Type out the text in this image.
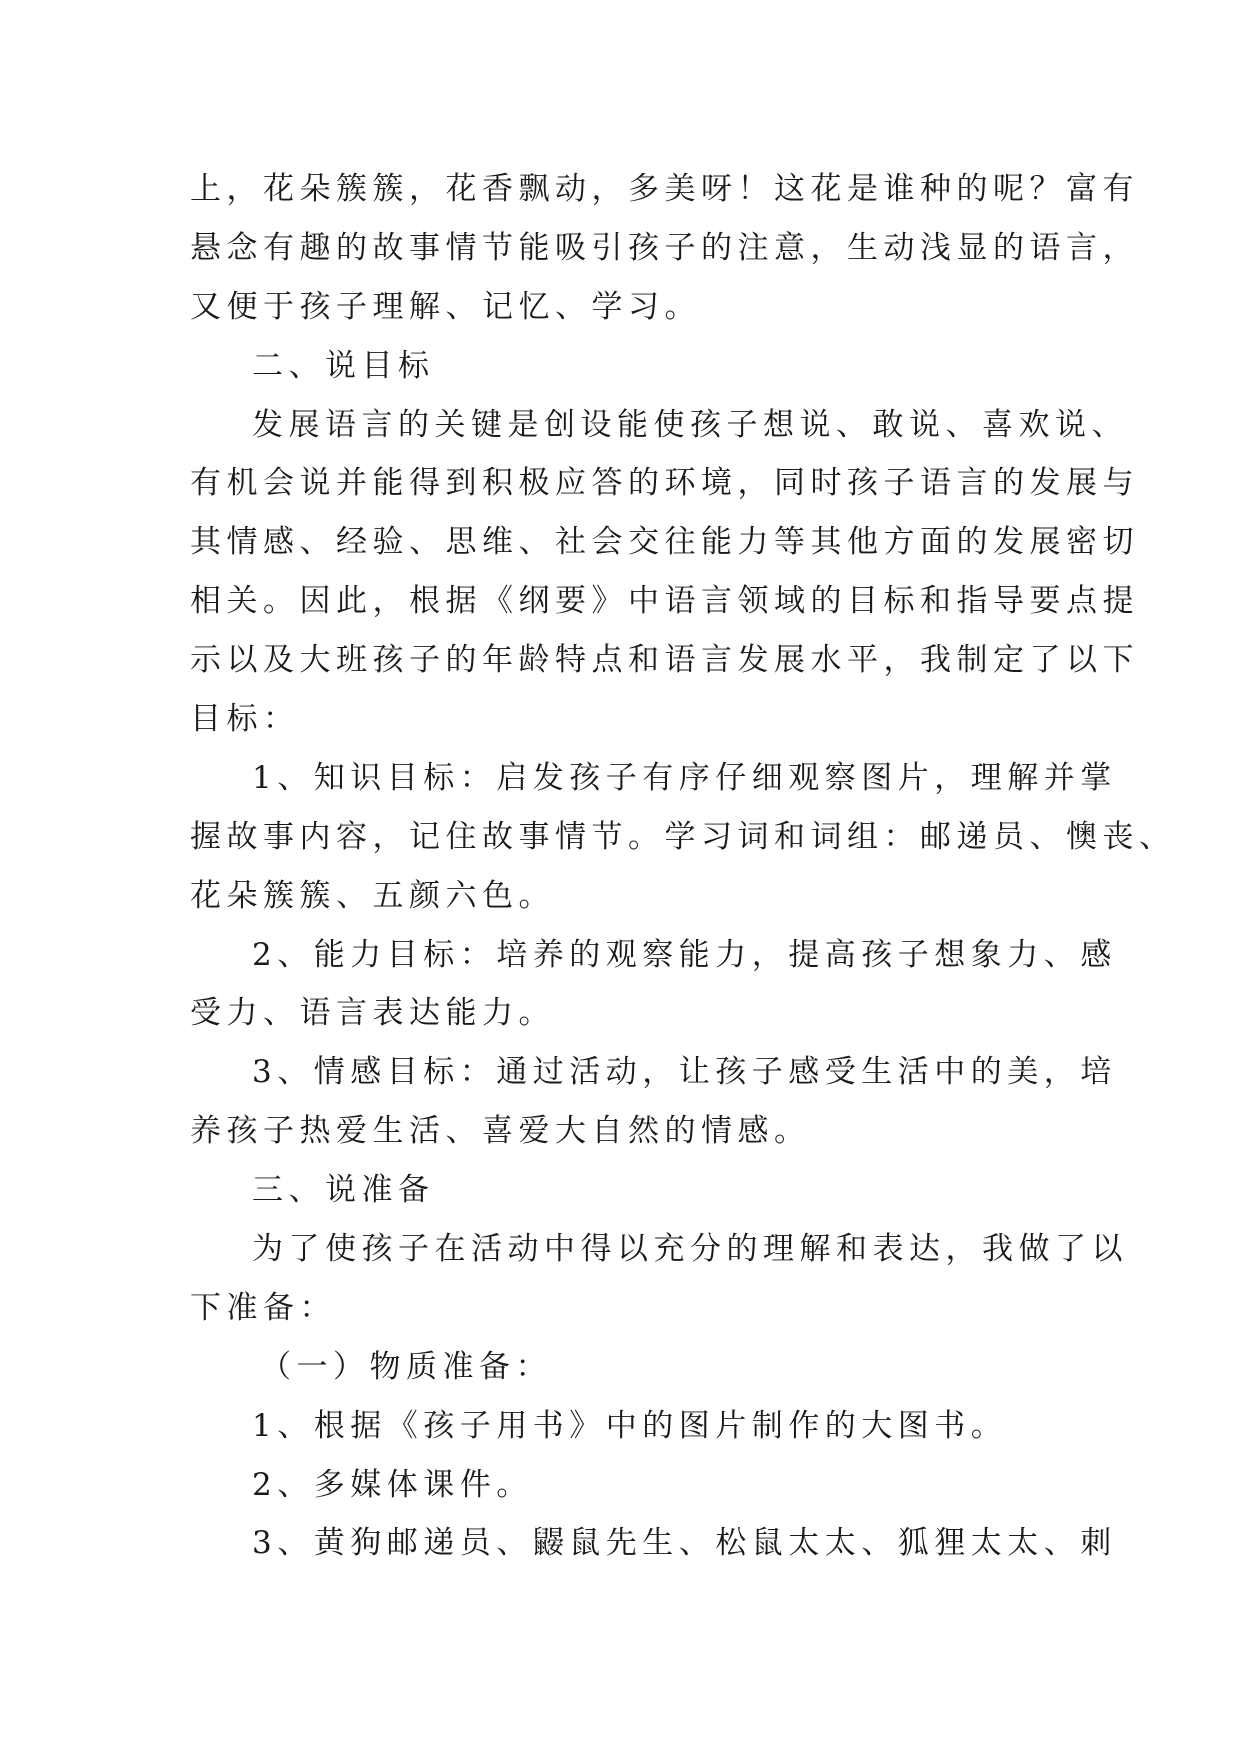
上，花朵簇簇，花香飘动，多美呀！这花是谁种的呢？富有
悬念有趣的故事情节能吸引孩子的注意，生动浅显的语言，
又便于孩子理解、记忆、学习。
二、说目标
发展语言的关键是创设能使孩子想说、敢说、喜欢说、
有机会说并能得到积极应答的环境，同时孩子语言的发展与
其情感、经验、思维、社会交往能力等其他方面的发展密切
相关。因此，根据《纲要》中语言领域的目标和指导要点提
示以及大班孩子的年龄特点和语言发展水平，我制定了以下
目标：
1、知识目标：启发孩子有序仔细观察图片，理解并掌
握故事内容，记住故事情节。学习词和词组：邮递员、懊丧、
花朵簇簇、五颜六色。
2、能力目标：培养的观察能力，提高孩子想象力、感
受力、语言表达能力。
3、情感目标：通过活动，让孩子感受生活中的美，培
养孩子热爱生活、喜爱大自然的情感。
三、说准备
为了使孩子在活动中得以充分的理解和表达，我做了以
下准备：
（一）物质准备：
1、根据《孩子用书》中的图片制作的大图书。
2、多媒体课件。
3、黄狗邮递员、鼹鼠先生、松鼠太太、狐狸太太、刺
